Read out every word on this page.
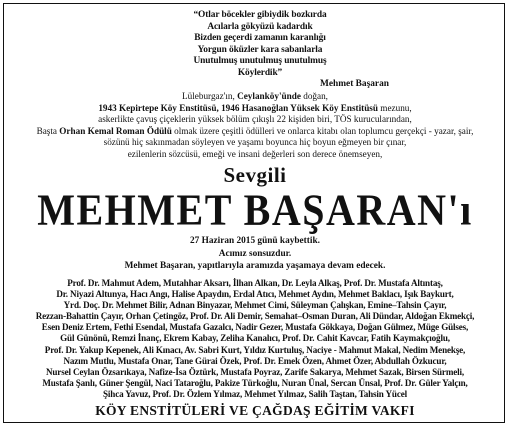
“Otlar böcekler gibiydik bozkırda
Acılarla gökyüzü kadardık
Bizden geçerdi zamanın karanlığı
Yorgun öküzler kara sabanlarla
Unutulmuş unutulmuş unutulmuş
Köylerdik”
Mehmet Başaran
Lüleburgaz'ın, Ceylanköy'ünde doğan,
1943 Kepirtepe Köy Enstitüsü, 1946 Hasanoğlan Yüksek Köy Enstitüsü mezunu,
askerlikte çavuş çiçeklerin yüksek bölüm çıkışlı 22 kişiden biri, TÖS kurucularından,
Başta Orhan Kemal Roman Ödülü olmak üzere çeşitli ödülleri ve onlarca kitabı olan toplumcu gerçekçi - yazar, şair,
sözünü hiç sakınmadan söyleyen ve yaşamı boyunca hiç boyun eğmeyen bir çınar,
ezilenlerin sözcüsü, emeği ve insani değerleri son derece önemseyen,
Sevgili
MEHMET BAŞARAN'ı
27 Haziran 2015 günü kaybettik.
Acımız sonsuzdur.
Mehmet Başaran, yapıtlarıyla aramızda yaşamaya devam edecek.
Prof. Dr. Mahmut Adem, Mutahhar Aksarı, İlhan Alkan, Dr. Leyla Alkaş, Prof. Dr. Mustafa Altıntaş,
Dr. Niyazi Altunya, Hacı Angı, Halise Apaydın, Erdal Atıcı, Mehmet Aydın, Mehmet Baklacı, Işık Baykurt,
Yrd. Doç. Dr. Mehmet Bilir, Adnan Binyazar, Mehmet Cimi, Süleyman Çalışkan, Emine–Tahsin Çayır,
Rezzan-Bahattin Çayır, Orhan Çetingöz, Prof. Dr. Ali Demir, Semahat–Osman Duran, Ali Dündar, Aldoğan Ekmekçi,
Esen Deniz Ertem, Fethi Esendal, Mustafa Gazalcı, Nadir Gezer, Mustafa Gökkaya, Doğan Gülmez, Müge Gülses,
Gül Günönü, Remzi İnanç, Ekrem Kabay, Zeliha Kanalıcı, Prof. Dr. Cahit Kavcar, Fatih Kaymakçıoğlu,
Prof. Dr. Yakup Kepenek, Ali Kınacı, Av. Sabri Kurt, Yıldız Kurtuluş, Naciye - Mahmut Makal, Nedim Menekşe,
Nazım Mutlu, Mustafa Onar, Tane Gürai Özek, Prof. Dr. Emek Özen, Ahmet Özer, Abdullah Özkucur,
Nursel Ceylan Özsarıkaya, Nafize-İsa Öztürk, Mustafa Poyraz, Zarife Sakarya, Mehmet Sazak, Birsen Sürmeli,
Mustafa Şanlı, Güner Şengül, Naci Tataroğlu, Pakize Türkoğlu, Nuran Ünal, Sercan Ünsal, Prof. Dr. Güler Yalçın,
Şihca Yavuz, Prof. Dr. Özlem Yılmaz, Mehmet Yılmaz, Salih Taştan, Tahsin Yücel
KÖY ENSTİTÜLERİ VE ÇAĞDAŞ EĞİTİM VAKFI
